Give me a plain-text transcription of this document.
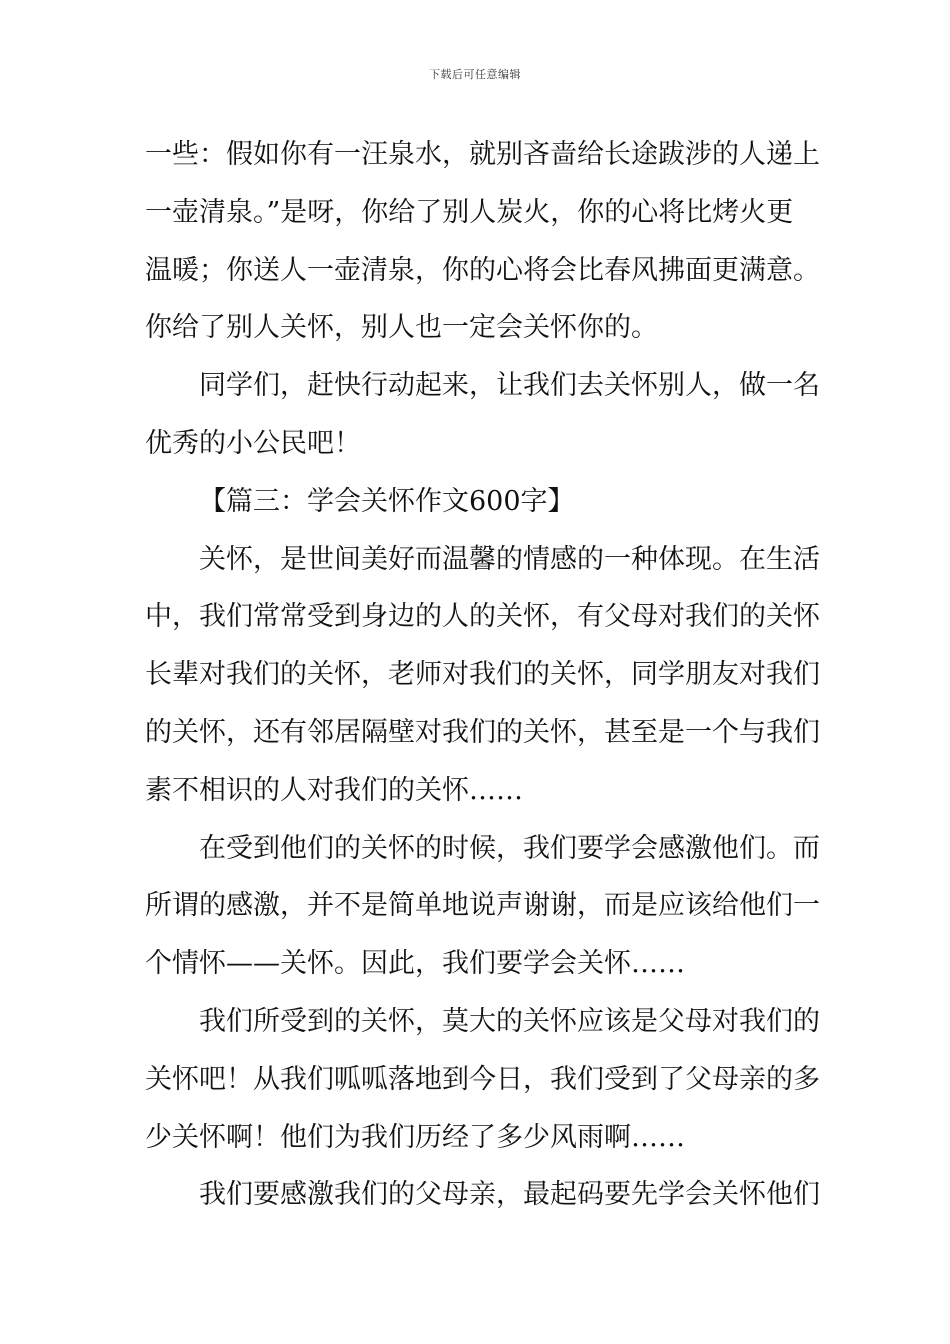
下载后可任意编辑
一些：假如你有一汪泉水，就别吝啬给长途跋涉的人递上
一壶清泉。”是呀，你给了别人炭火，你的心将比烤火更
温暖；你送人一壶清泉，你的心将会比春风拂面更满意。
你给了别人关怀，别人也一定会关怀你的。
同学们，赶快行动起来，让我们去关怀别人，做一名
优秀的小公民吧！
【篇三：学会关怀作文600字】
关怀，是世间美好而温馨的情感的一种体现。在生活
中，我们常常受到身边的人的关怀，有父母对我们的关怀
长辈对我们的关怀，老师对我们的关怀，同学朋友对我们
的关怀，还有邻居隔壁对我们的关怀，甚至是一个与我们
素不相识的人对我们的关怀……
在受到他们的关怀的时候，我们要学会感激他们。而
所谓的感激，并不是简单地说声谢谢，而是应该给他们一
个情怀——关怀。因此，我们要学会关怀……
我们所受到的关怀，莫大的关怀应该是父母对我们的
关怀吧！从我们呱呱落地到今日，我们受到了父母亲的多
少关怀啊！他们为我们历经了多少风雨啊……
我们要感激我们的父母亲，最起码要先学会关怀他们
